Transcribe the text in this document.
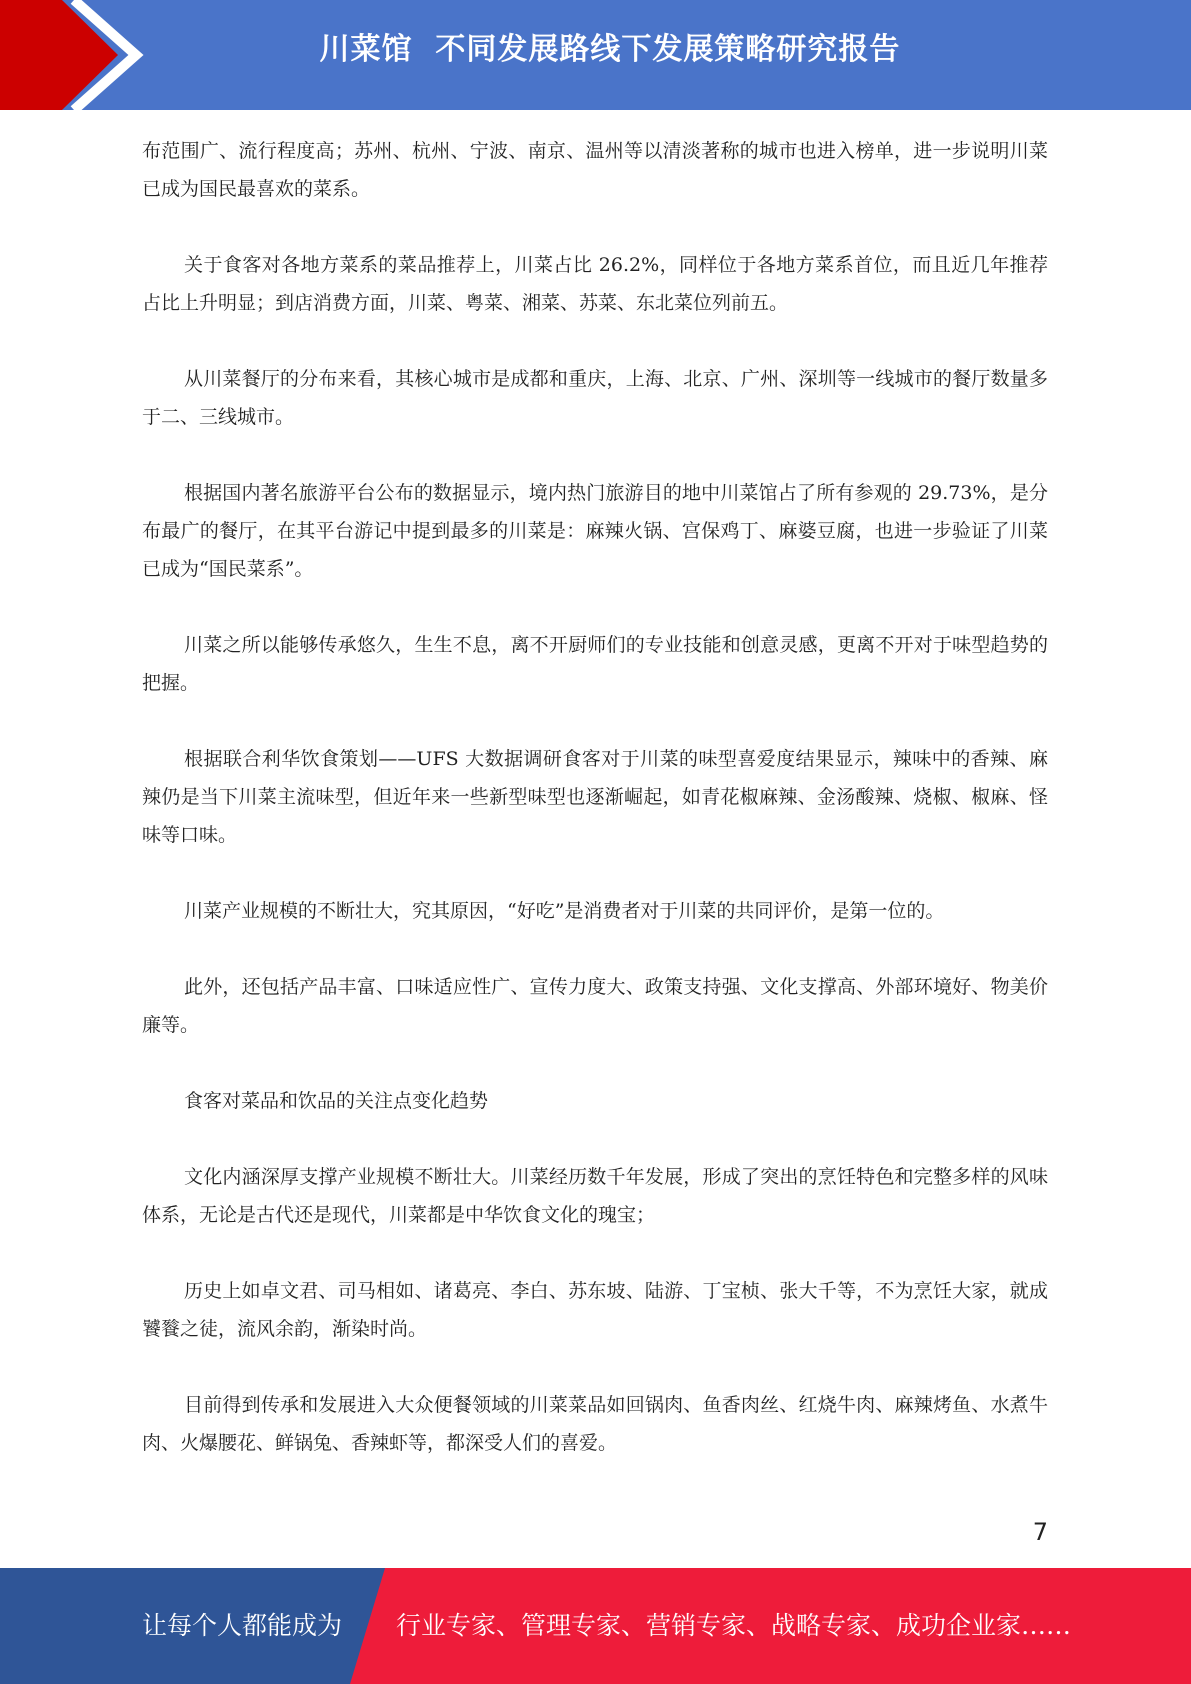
川菜馆  不同发展路线下发展策略研究报告

布范围广、流行程度高；苏州、杭州、宁波、南京、温州等以清淡著称的城市也进入榜单，进一步说明川菜已成为国民最喜欢的菜系。

关于食客对各地方菜系的菜品推荐上，川菜占比 26.2%，同样位于各地方菜系首位，而且近几年推荐占比上升明显；到店消费方面，川菜、粤菜、湘菜、苏菜、东北菜位列前五。

从川菜餐厅的分布来看，其核心城市是成都和重庆，上海、北京、广州、深圳等一线城市的餐厅数量多于二、三线城市。

根据国内著名旅游平台公布的数据显示，境内热门旅游目的地中川菜馆占了所有参观的 29.73%，是分布最广的餐厅，在其平台游记中提到最多的川菜是：麻辣火锅、宫保鸡丁、麻婆豆腐，也进一步验证了川菜已成为“国民菜系”。

川菜之所以能够传承悠久，生生不息，离不开厨师们的专业技能和创意灵感，更离不开对于味型趋势的把握。

根据联合利华饮食策划——UFS 大数据调研食客对于川菜的味型喜爱度结果显示，辣味中的香辣、麻辣仍是当下川菜主流味型，但近年来一些新型味型也逐渐崛起，如青花椒麻辣、金汤酸辣、烧椒、椒麻、怪味等口味。

川菜产业规模的不断壮大，究其原因，“好吃”是消费者对于川菜的共同评价，是第一位的。

此外，还包括产品丰富、口味适应性广、宣传力度大、政策支持强、文化支撑高、外部环境好、物美价廉等。

食客对菜品和饮品的关注点变化趋势

文化内涵深厚支撑产业规模不断壮大。川菜经历数千年发展，形成了突出的烹饪特色和完整多样的风味体系，无论是古代还是现代，川菜都是中华饮食文化的瑰宝；

历史上如卓文君、司马相如、诸葛亮、李白、苏东坡、陆游、丁宝桢、张大千等，不为烹饪大家，就成饕餮之徒，流风余韵，渐染时尚。

目前得到传承和发展进入大众便餐领域的川菜菜品如回锅肉、鱼香肉丝、红烧牛肉、麻辣烤鱼、水煮牛肉、火爆腰花、鲜锅兔、香辣虾等，都深受人们的喜爱。

7
让每个人都能成为 行业专家、管理专家、营销专家、战略专家、成功企业家……
